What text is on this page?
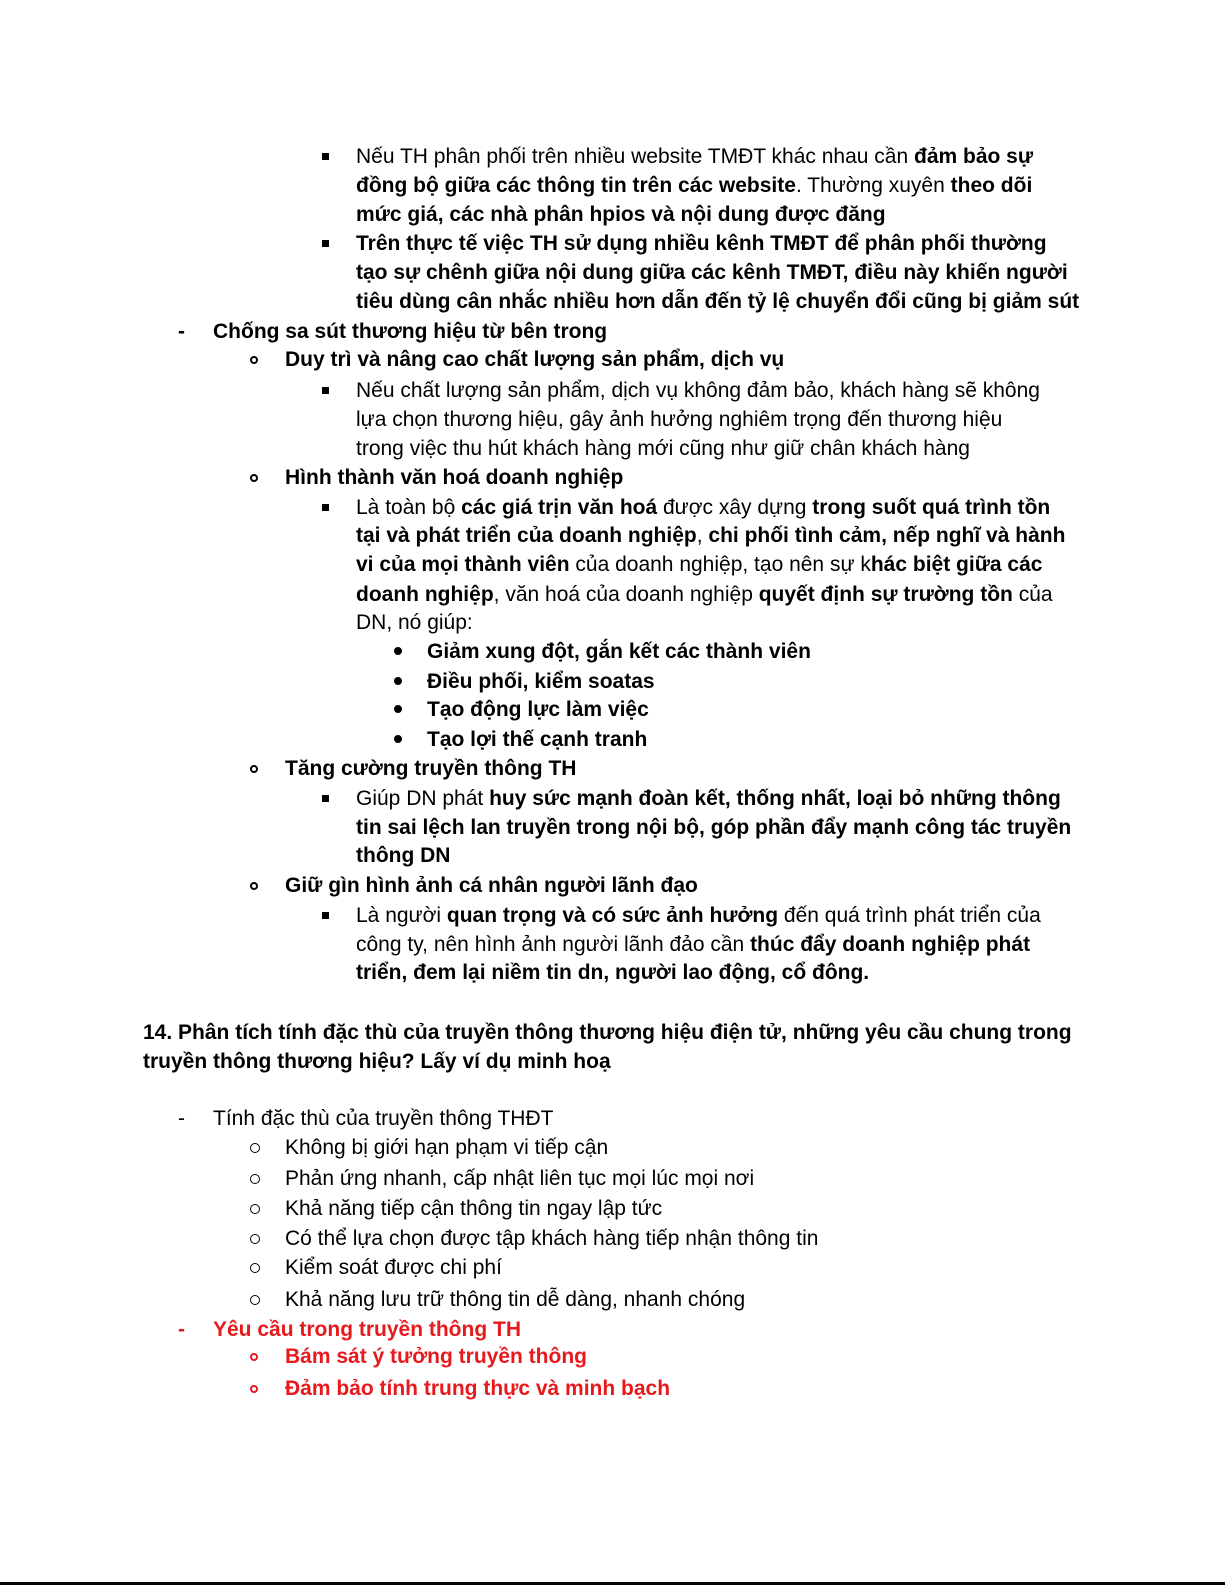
Nếu TH phân phối trên nhiều website TMĐT khác nhau cần đảm bảo sự
đồng bộ giữa các thông tin trên các website. Thường xuyên theo dõi
mức giá, các nhà phân hpios và nội dung được đăng
Trên thực tế việc TH sử dụng nhiều kênh TMĐT để phân phối thường
tạo sự chênh giữa nội dung giữa các kênh TMĐT, điều này khiến người
tiêu dùng cân nhắc nhiều hơn dẫn đến tỷ lệ chuyển đổi cũng bị giảm sút
- Chống sa sút thương hiệu từ bên trong
Duy trì và nâng cao chất lượng sản phẩm, dịch vụ
Nếu chất lượng sản phẩm, dịch vụ không đảm bảo, khách hàng sẽ không
lựa chọn thương hiệu, gây ảnh hưởng nghiêm trọng đến thương hiệu
trong việc thu hút khách hàng mới cũng như giữ chân khách hàng
Hình thành văn hoá doanh nghiệp
Là toàn bộ các giá trịn văn hoá được xây dựng trong suốt quá trình tồn
tại và phát triển của doanh nghiệp, chi phối tình cảm, nếp nghĩ và hành
vi của mọi thành viên của doanh nghiệp, tạo nên sự khác biệt giữa các
doanh nghiệp, văn hoá của doanh nghiệp quyết định sự trường tồn của
DN, nó giúp:
Giảm xung đột, gắn kết các thành viên
Điều phối, kiểm soatas
Tạo động lực làm việc
Tạo lợi thế cạnh tranh
Tăng cường truyền thông TH
Giúp DN phát huy sức mạnh đoàn kết, thống nhất, loại bỏ những thông
tin sai lệch lan truyền trong nội bộ, góp phần đẩy mạnh công tác truyền
thông DN
Giữ gìn hình ảnh cá nhân người lãnh đạo
Là người quan trọng và có sức ảnh hưởng đến quá trình phát triển của
công ty, nên hình ảnh người lãnh đảo cần thúc đẩy doanh nghiệp phát
triển, đem lại niềm tin dn, người lao động, cổ đông.
14. Phân tích tính đặc thù của truyền thông thương hiệu điện tử, những yêu cầu chung trong
truyền thông thương hiệu? Lấy ví dụ minh hoạ
- Tính đặc thù của truyền thông THĐT
Không bị giới hạn phạm vi tiếp cận
Phản ứng nhanh, cấp nhật liên tục mọi lúc mọi nơi
Khả năng tiếp cận thông tin ngay lập tức
Có thể lựa chọn được tập khách hàng tiếp nhận thông tin
Kiểm soát được chi phí
Khả năng lưu trữ thông tin dễ dàng, nhanh chóng
- Yêu cầu trong truyền thông TH
Bám sát ý tưởng truyền thông
Đảm bảo tính trung thực và minh bạch
